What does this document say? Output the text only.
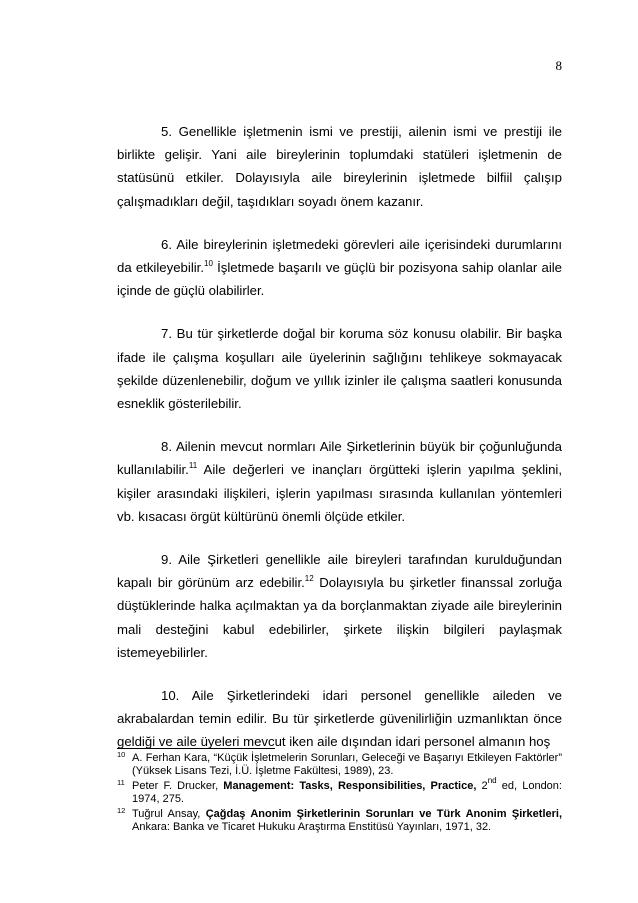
8

5. Genellikle işletmenin ismi ve prestiji, ailenin ismi ve prestiji ile birlikte gelişir. Yani aile bireylerinin toplumdaki statüleri işletmenin de statüsünü etkiler. Dolayısıyla aile bireylerinin işletmede bilfiil çalışıp çalışmadıkları değil, taşıdıkları soyadı önem kazanır.

6. Aile bireylerinin işletmedeki görevleri aile içerisindeki durumlarını da etkileyebilir.$^{10}$ İşletmede başarılı ve güçlü bir pozisyona sahip olanlar aile içinde de güçlü olabilirler.

7. Bu tür şirketlerde doğal bir koruma söz konusu olabilir. Bir başka ifade ile çalışma koşulları aile üyelerinin sağlığını tehlikeye sokmayacak şekilde düzenlenebilir, doğum ve yıllık izinler ile çalışma saatleri konusunda esneklik gösterilebilir.

8. Ailenin mevcut normları Aile Şirketlerinin büyük bir çoğunluğunda kullanılabilir.$^{11}$ Aile değerleri ve inançları örgütteki işlerin yapılma şeklini, kişiler arasındaki ilişkileri, işlerin yapılması sırasında kullanılan yöntemleri vb. kısacası örgüt kültürünü önemli ölçüde etkiler.

9. Aile Şirketleri genellikle aile bireyleri tarafından kurulduğundan kapalı bir görünüm arz edebilir.$^{12}$ Dolayısıyla bu şirketler finanssal zorluğa düştüklerinde halka açılmaktan ya da borçlanmaktan ziyade aile bireylerinin mali desteğini kabul edebilirler, şirkete ilişkin bilgileri paylaşmak istemeyebilirler.

10. Aile Şirketlerindeki idari personel genellikle aileden ve akrabalardan temin edilir. Bu tür şirketlerde güvenilirliğin uzmanlıktan önce geldiği ve aile üyeleri mevcut iken aile dışından idari personel almanın hoş

10 A. Ferhan Kara, “Küçük İşletmelerin Sorunları, Geleceği ve Başarıyı Etkileyen Faktörler” (Yüksek Lisans Tezi, İ.Ü. İşletme Fakültesi, 1989), 23.
11 Peter F. Drucker, Management: Tasks, Responsibilities, Practice, 2nd ed, London: 1974, 275.
12 Tuğrul Ansay, Çağdaş Anonim Şirketlerinin Sorunları ve Türk Anonim Şirketleri, Ankara: Banka ve Ticaret Hukuku Araştırma Enstitüsü Yayınları, 1971, 32.
